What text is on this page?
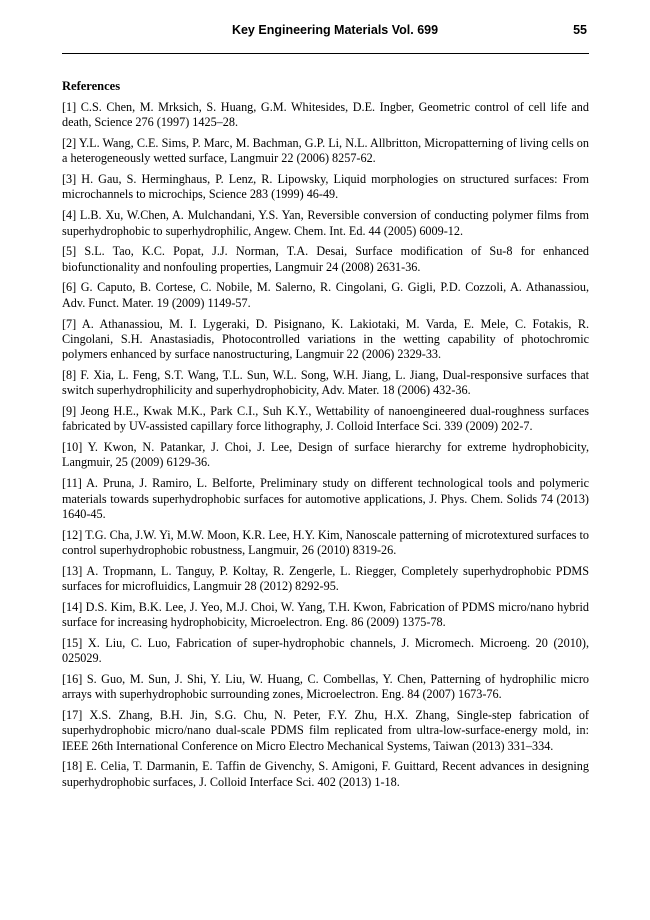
Key Engineering Materials Vol. 699	55
References

[1] C.S. Chen, M. Mrksich, S. Huang, G.M. Whitesides, D.E. Ingber, Geometric control of cell life and death, Science 276 (1997) 1425–28.

[2] Y.L. Wang, C.E. Sims, P. Marc, M. Bachman, G.P. Li, N.L. Allbritton, Micropatterning of living cells on a heterogeneously wetted surface, Langmuir 22 (2006) 8257-62.

[3] H. Gau, S. Herminghaus, P. Lenz, R. Lipowsky, Liquid morphologies on structured surfaces: From microchannels to microchips, Science 283 (1999) 46-49.

[4] L.B. Xu, W.Chen, A. Mulchandani, Y.S. Yan, Reversible conversion of conducting polymer films from superhydrophobic to superhydrophilic, Angew. Chem. Int. Ed. 44 (2005) 6009-12.

[5] S.L. Tao, K.C. Popat, J.J. Norman, T.A. Desai, Surface modification of Su-8 for enhanced biofunctionality and nonfouling properties, Langmuir 24 (2008) 2631-36.

[6] G. Caputo, B. Cortese, C. Nobile, M. Salerno, R. Cingolani, G. Gigli, P.D. Cozzoli, A. Athanassiou, Adv. Funct. Mater. 19 (2009) 1149-57.

[7] A. Athanassiou, M. I. Lygeraki, D. Pisignano, K. Lakiotaki, M. Varda, E. Mele, C. Fotakis, R. Cingolani, S.H. Anastasiadis, Photocontrolled variations in the wetting capability of photochromic polymers enhanced by surface nanostructuring, Langmuir 22 (2006) 2329-33.

[8] F. Xia, L. Feng, S.T. Wang, T.L. Sun, W.L. Song, W.H. Jiang, L. Jiang, Dual-responsive surfaces that switch superhydrophilicity and superhydrophobicity, Adv. Mater. 18 (2006) 432-36.

[9] Jeong H.E., Kwak M.K., Park C.I., Suh K.Y., Wettability of nanoengineered dual-roughness surfaces fabricated by UV-assisted capillary force lithography, J. Colloid Interface Sci. 339 (2009) 202-7.

[10] Y. Kwon, N. Patankar, J. Choi, J. Lee, Design of surface hierarchy for extreme hydrophobicity, Langmuir, 25 (2009) 6129-36.

[11] A. Pruna, J. Ramiro, L. Belforte, Preliminary study on different technological tools and polymeric materials towards superhydrophobic surfaces for automotive applications, J. Phys. Chem. Solids 74 (2013) 1640-45.

[12] T.G. Cha, J.W. Yi, M.W. Moon, K.R. Lee, H.Y. Kim, Nanoscale patterning of microtextured surfaces to control superhydrophobic robustness, Langmuir, 26 (2010) 8319-26.

[13] A. Tropmann, L. Tanguy, P. Koltay, R. Zengerle, L. Riegger, Completely superhydrophobic PDMS surfaces for microfluidics, Langmuir 28 (2012) 8292-95.

[14] D.S. Kim, B.K. Lee, J. Yeo, M.J. Choi, W. Yang, T.H. Kwon, Fabrication of PDMS micro/nano hybrid surface for increasing hydrophobicity, Microelectron. Eng. 86 (2009) 1375-78.

[15] X. Liu, C. Luo, Fabrication of super-hydrophobic channels, J. Micromech. Microeng. 20 (2010), 025029.

[16] S. Guo, M. Sun, J. Shi, Y. Liu, W. Huang, C. Combellas, Y. Chen, Patterning of hydrophilic micro arrays with superhydrophobic surrounding zones, Microelectron. Eng. 84 (2007) 1673-76.

[17] X.S. Zhang, B.H. Jin, S.G. Chu, N. Peter, F.Y. Zhu, H.X. Zhang, Single-step fabrication of superhydrophobic micro/nano dual-scale PDMS film replicated from ultra-low-surface-energy mold, in: IEEE 26th International Conference on Micro Electro Mechanical Systems, Taiwan (2013) 331–334.

[18] E. Celia, T. Darmanin, E. Taffin de Givenchy, S. Amigoni, F. Guittard, Recent advances in designing superhydrophobic surfaces, J. Colloid Interface Sci. 402 (2013) 1-18.
